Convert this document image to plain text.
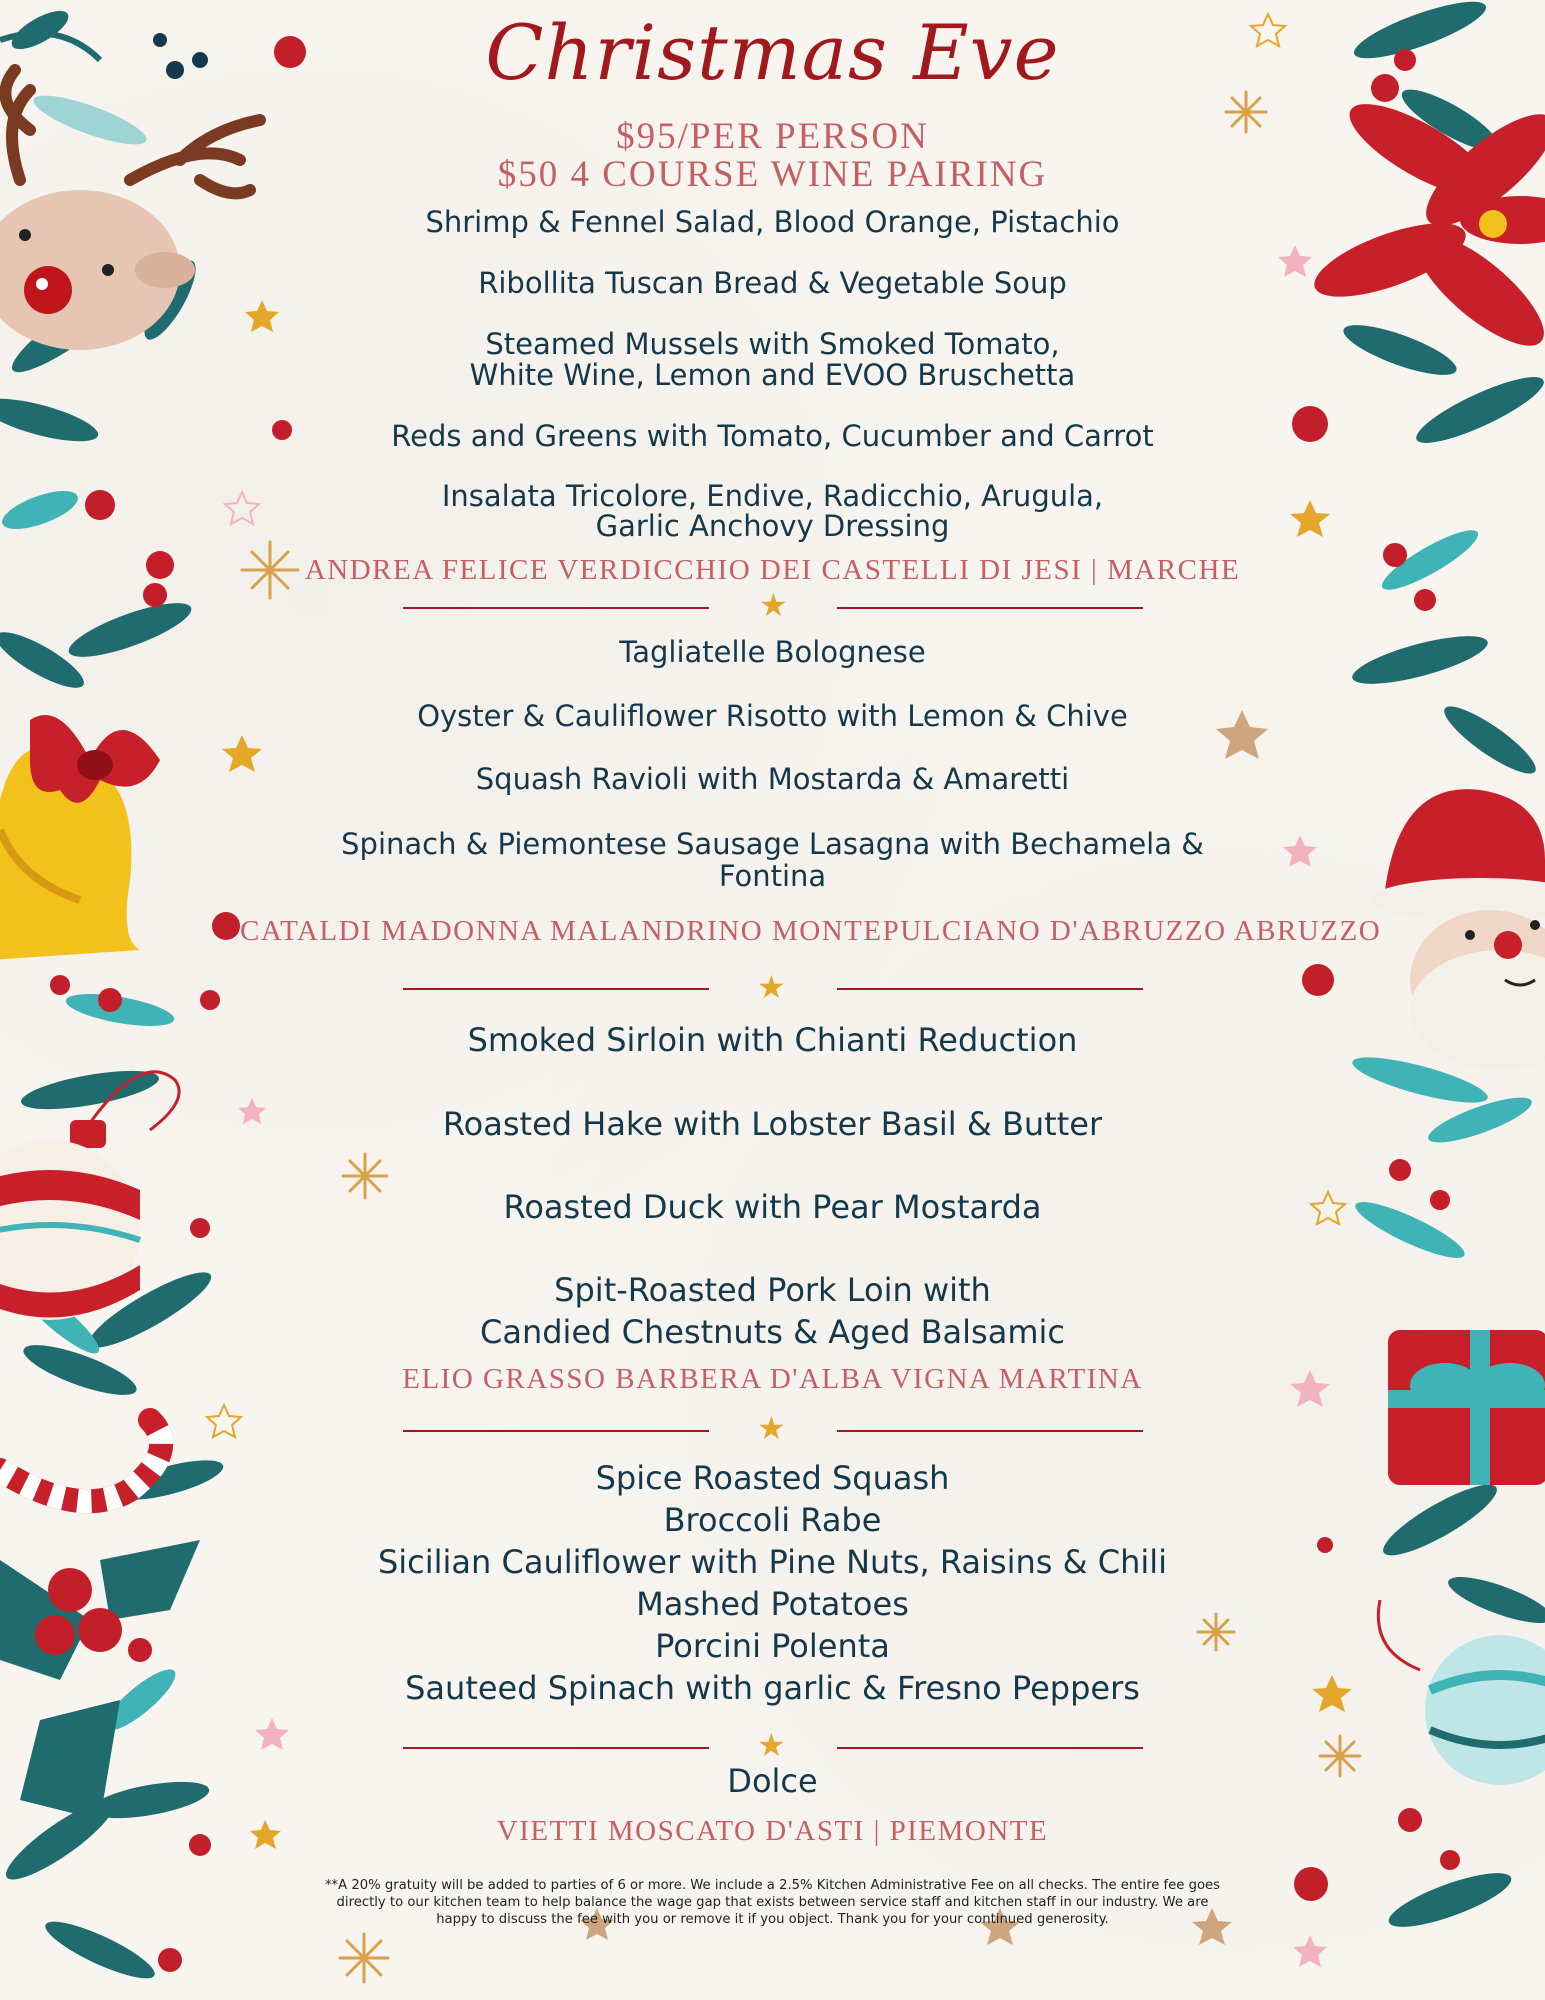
Christmas Eve
$95/PER PERSON
$50 4 COURSE WINE PAIRING
Shrimp & Fennel Salad, Blood Orange, Pistachio
Ribollita Tuscan Bread & Vegetable Soup
Steamed Mussels with Smoked Tomato,
White Wine, Lemon and EVOO Bruschetta
Reds and Greens with Tomato, Cucumber and Carrot
Insalata Tricolore, Endive, Radicchio, Arugula,
Garlic Anchovy Dressing
ANDREA FELICE VERDICCHIO DEI CASTELLI DI JESI | MARCHE
★
Tagliatelle Bolognese
Oyster & Cauliflower Risotto with Lemon & Chive
Squash Ravioli with Mostarda & Amaretti
Spinach & Piemontese Sausage Lasagna with Bechamela &
Fontina
CATALDI MADONNA MALANDRINO MONTEPULCIANO D'ABRUZZO ABRUZZO
★
Smoked Sirloin with Chianti Reduction
Roasted Hake with Lobster Basil & Butter
Roasted Duck with Pear Mostarda
Spit-Roasted Pork Loin with
Candied Chestnuts & Aged Balsamic
ELIO GRASSO BARBERA D'ALBA VIGNA MARTINA
★
Spice Roasted Squash
Broccoli Rabe
Sicilian Cauliflower with Pine Nuts, Raisins & Chili
Mashed Potatoes
Porcini Polenta
Sauteed Spinach with garlic & Fresno Peppers
★
Dolce
VIETTI MOSCATO D'ASTI | PIEMONTE
**A 20% gratuity will be added to parties of 6 or more. We include a 2.5% Kitchen Administrative Fee on all checks. The entire fee goes directly to our kitchen team to help balance the wage gap that exists between service staff and kitchen staff in our industry. We are happy to discuss the fee with you or remove it if you object. Thank you for your continued generosity.
